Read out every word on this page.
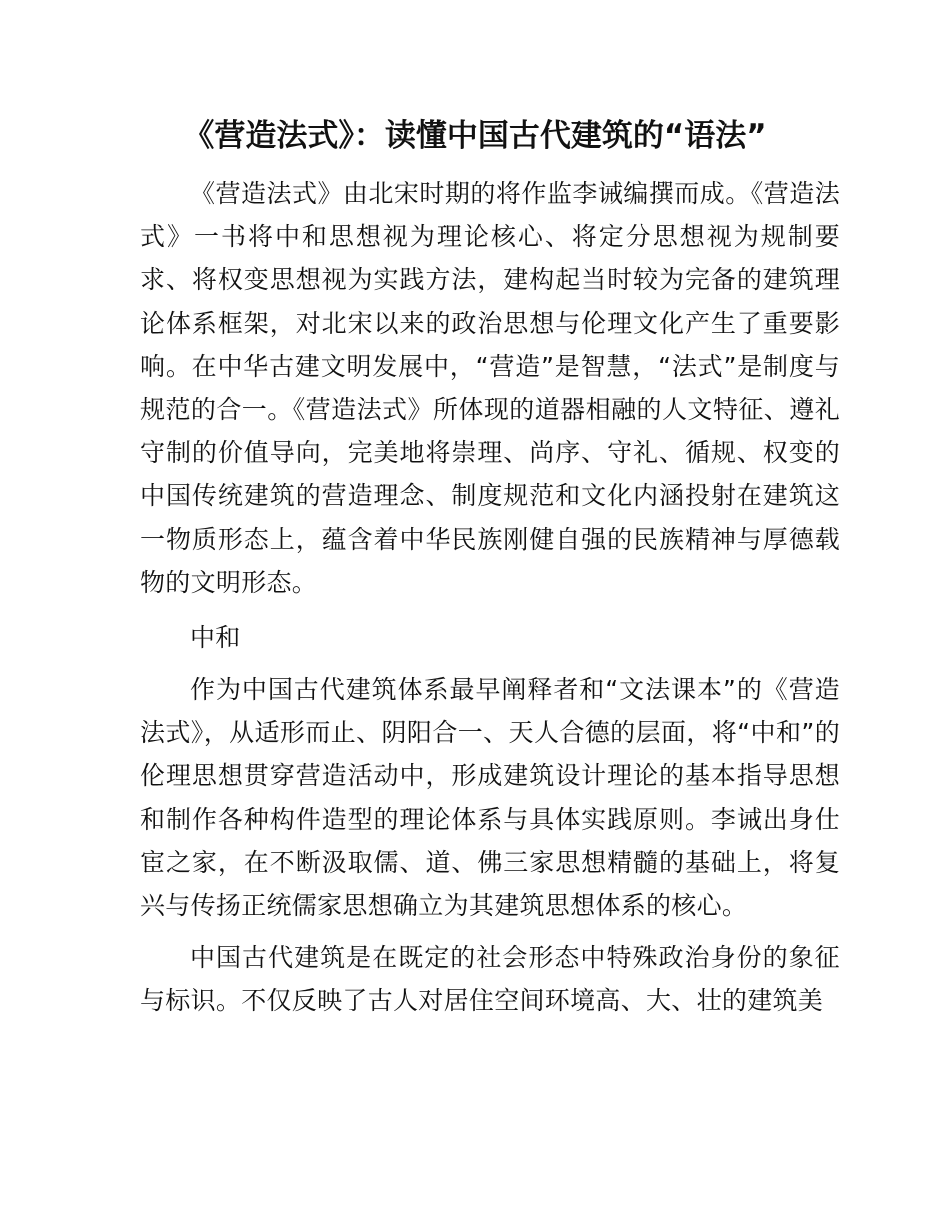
《营造法式》：读懂中国古代建筑的“语法”

《营造法式》由北宋时期的将作监李诫编撰而成。《营造法式》一书将中和思想视为理论核心、将定分思想视为规制要求、将权变思想视为实践方法，建构起当时较为完备的建筑理论体系框架，对北宋以来的政治思想与伦理文化产生了重要影响。在中华古建文明发展中，“营造”是智慧，“法式”是制度与规范的合一。《营造法式》所体现的道器相融的人文特征、遵礼守制的价值导向，完美地将崇理、尚序、守礼、循规、权变的中国传统建筑的营造理念、制度规范和文化内涵投射在建筑这一物质形态上，蕴含着中华民族刚健自强的民族精神与厚德载物的文明形态。

中和

作为中国古代建筑体系最早阐释者和“文法课本”的《营造法式》，从适形而止、阴阳合一、天人合德的层面，将“中和”的伦理思想贯穿营造活动中，形成建筑设计理论的基本指导思想和制作各种构件造型的理论体系与具体实践原则。李诫出身仕宦之家，在不断汲取儒、道、佛三家思想精髓的基础上，将复兴与传扬正统儒家思想确立为其建筑思想体系的核心。

中国古代建筑是在既定的社会形态中特殊政治身份的象征与标识。不仅反映了古人对居住空间环境高、大、壮的建筑美
